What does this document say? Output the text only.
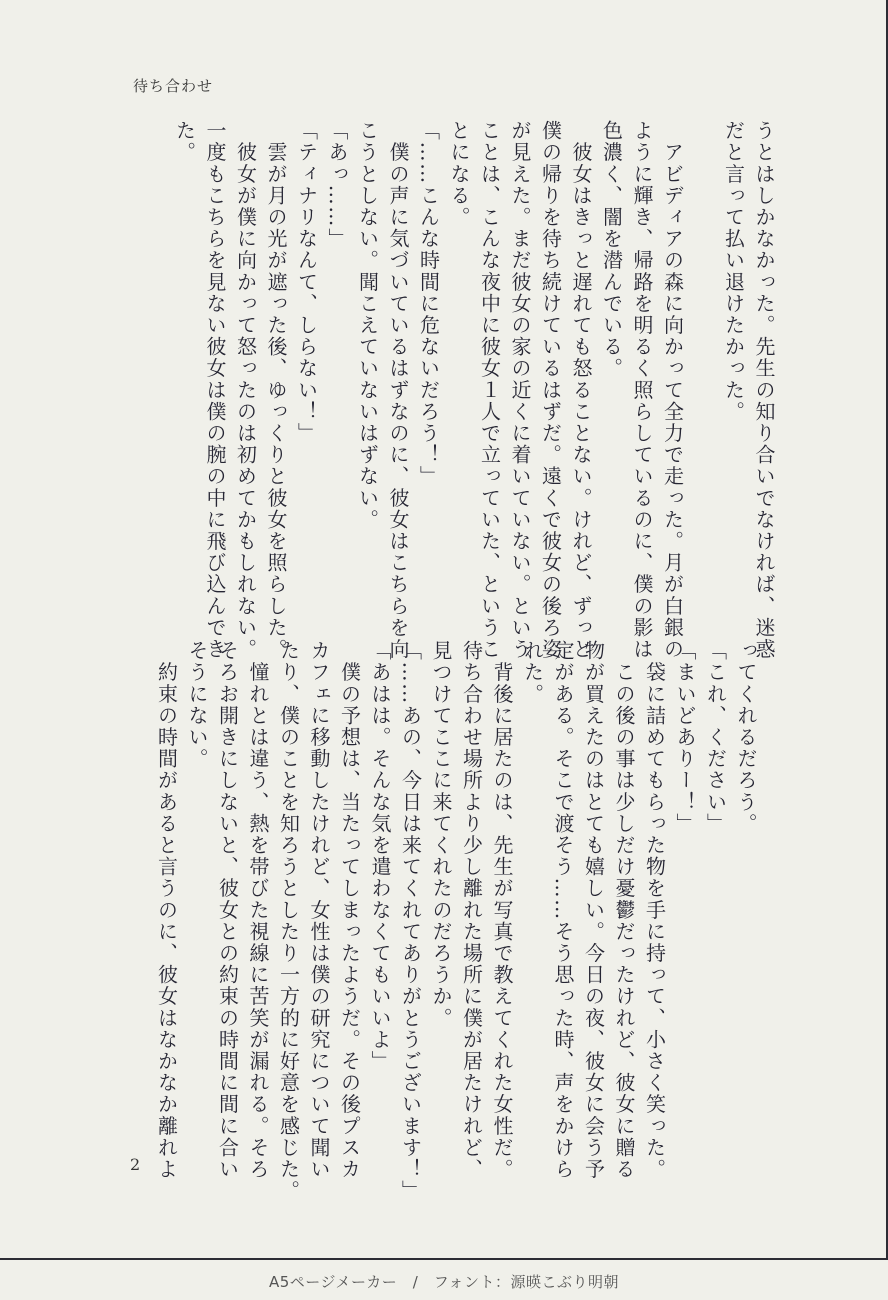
待ち合わせ
うとはしかなかった。先生の知り合いでなければ、迷惑
だと言って払い退けたかった。

　アビディアの森に向かって全力で走った。月が白銀の
ように輝き、帰路を明るく照らしているのに、僕の影は
色濃く、闇を潜んでいる。
　彼女はきっと遅れても怒ることない。けれど、ずっと
僕の帰りを待ち続けているはずだ。遠くで彼女の後ろ姿
が見えた。まだ彼女の家の近くに着いていない。という
ことは、こんな夜中に彼女１人で立っていた、というこ
とになる。
「……こんな時間に危ないだろう！」
　僕の声に気づいているはずなのに、彼女はこちらを向
こうとしない。聞こえていないはずない。
「あっ……」
「ティナリなんて、しらない！」
　雲が月の光が遮った後、ゆっくりと彼女を照らした。
　彼女が僕に向かって怒ったのは初めてかもしれない。
一度もこちらを見ない彼女は僕の腕の中に飛び込んでき
た。
ってくれるだろう。
「これ、ください」
「まいどありー！」
　袋に詰めてもらった物を手に持って、小さく笑った。
　この後の事は少しだけ憂鬱だったけれど、彼女に贈る
物が買えたのはとても嬉しい。今日の夜、彼女に会う予
定がある。そこで渡そう……そう思った時、声をかけら
れた。
　背後に居たのは、先生が写真で教えてくれた女性だ。
待ち合わせ場所より少し離れた場所に僕が居たけれど、
見つけてここに来てくれたのだろうか。
「……あの、今日は来てくれてありがとうございます！」
「あはは。そんな気を遣わなくてもいいよ」
　僕の予想は、当たってしまったようだ。その後プスカ
カフェに移動したけれど、女性は僕の研究について聞い
たり、僕のことを知ろうとしたり一方的に好意を感じた。
　憧れとは違う、熱を帯びた視線に苦笑が漏れる。そろ
そろお開きにしないと、彼女との約束の時間に間に合い
そうにない。
　約束の時間があると言うのに、彼女はなかなか離れよ
2
A5ページメーカー　/　フォント：源暎こぶり明朝
